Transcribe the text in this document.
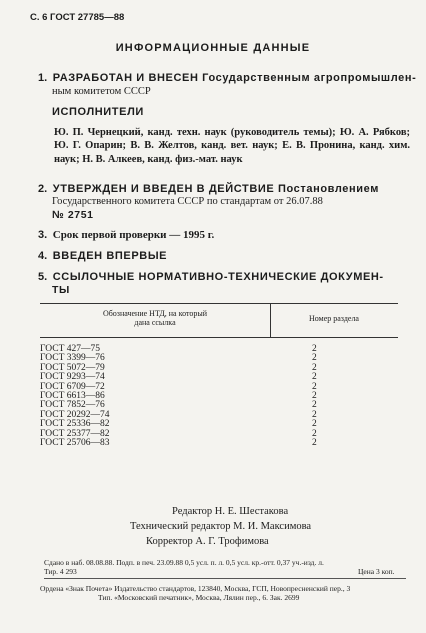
С. 6 ГОСТ 27785—88
ИНФОРМАЦИОННЫЕ ДАННЫЕ
1. РАЗРАБОТАН И ВНЕСЕН Государственным агропромышлен-
ным комитетом СССР
ИСПОЛНИТЕЛИ
Ю. П. Чернецкий, канд. техн. наук (руководитель темы); Ю. А. Рябков; Ю. Г. Опарин; В. В. Желтов, канд. вет. наук; Е. В. Пронина, канд. хим. наук; Н. В. Алкеев, канд. физ.-мат. наук
2. УТВЕРЖДЕН И ВВЕДЕН В ДЕЙСТВИЕ Постановлением
Государственного комитета СССР по стандартам от 26.07.88
№ 2751
3. Срок первой проверки — 1995 г.
4. ВВЕДЕН ВПЕРВЫЕ
5. ССЫЛОЧНЫЕ НОРМАТИВНО-ТЕХНИЧЕСКИЕ ДОКУМЕН-
ТЫ
Обозначение НТД, на который
дана ссылка	Номер раздела
ГОСТ 427—75	2
ГОСТ 3399—76	2
ГОСТ 5072—79	2
ГОСТ 9293—74	2
ГОСТ 6709—72	2
ГОСТ 6613—86	2
ГОСТ 7852—76	2
ГОСТ 20292—74	2
ГОСТ 25336—82	2
ГОСТ 25377—82	2
ГОСТ 25706—83	2
Редактор Н. Е. Шестакова
Технический редактор М. И. Максимова
Корректор А. Г. Трофимова
Сдано в наб. 08.08.88. Подп. в печ. 23.09.88 0,5 усл. п. л. 0,5 усл. кр.-отт. 0,37 уч.-изд. л.
Тир. 4 293	Цена 3 коп.
Ордена «Знак Почета» Издательство стандартов, 123840, Москва, ГСП, Новопресненский пер., 3
Тип. «Московский печатник», Москва, Лялин пер., 6. Зак. 2699
